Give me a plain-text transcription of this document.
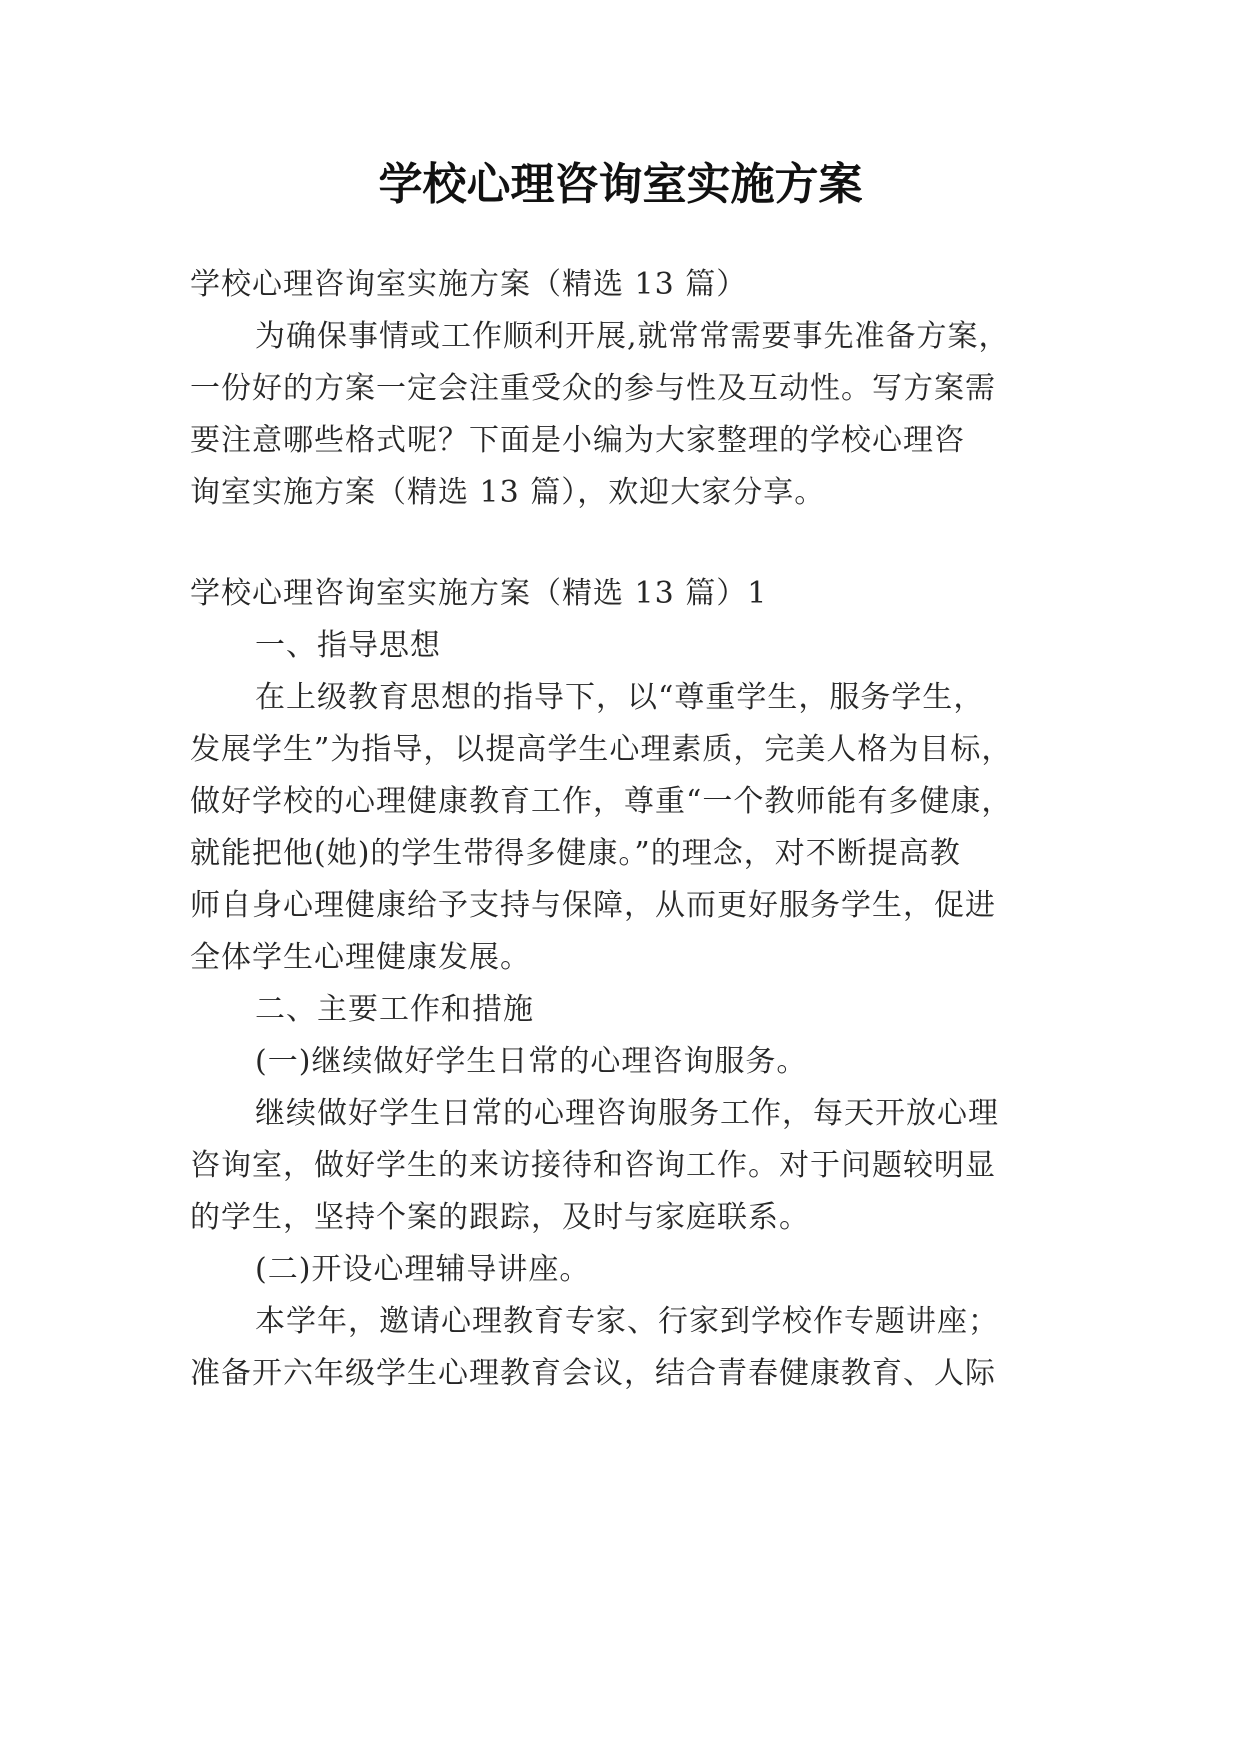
学校心理咨询室实施方案

学校心理咨询室实施方案（精选 13 篇）

为确保事情或工作顺利开展,就常常需要事先准备方案，

一份好的方案一定会注重受众的参与性及互动性。写方案需

要注意哪些格式呢？下面是小编为大家整理的学校心理咨

询室实施方案（精选 13 篇），欢迎大家分享。

学校心理咨询室实施方案（精选 13 篇）1

一、指导思想

在上级教育思想的指导下，以“尊重学生，服务学生，

发展学生”为指导，以提高学生心理素质，完美人格为目标，

做好学校的心理健康教育工作，尊重“一个教师能有多健康，

就能把他(她)的学生带得多健康。”的理念，对不断提高教

师自身心理健康给予支持与保障，从而更好服务学生，促进

全体学生心理健康发展。

二、主要工作和措施

(一)继续做好学生日常的心理咨询服务。

继续做好学生日常的心理咨询服务工作，每天开放心理

咨询室，做好学生的来访接待和咨询工作。对于问题较明显

的学生，坚持个案的跟踪，及时与家庭联系。

(二)开设心理辅导讲座。

本学年，邀请心理教育专家、行家到学校作专题讲座；

准备开六年级学生心理教育会议，结合青春健康教育、人际
